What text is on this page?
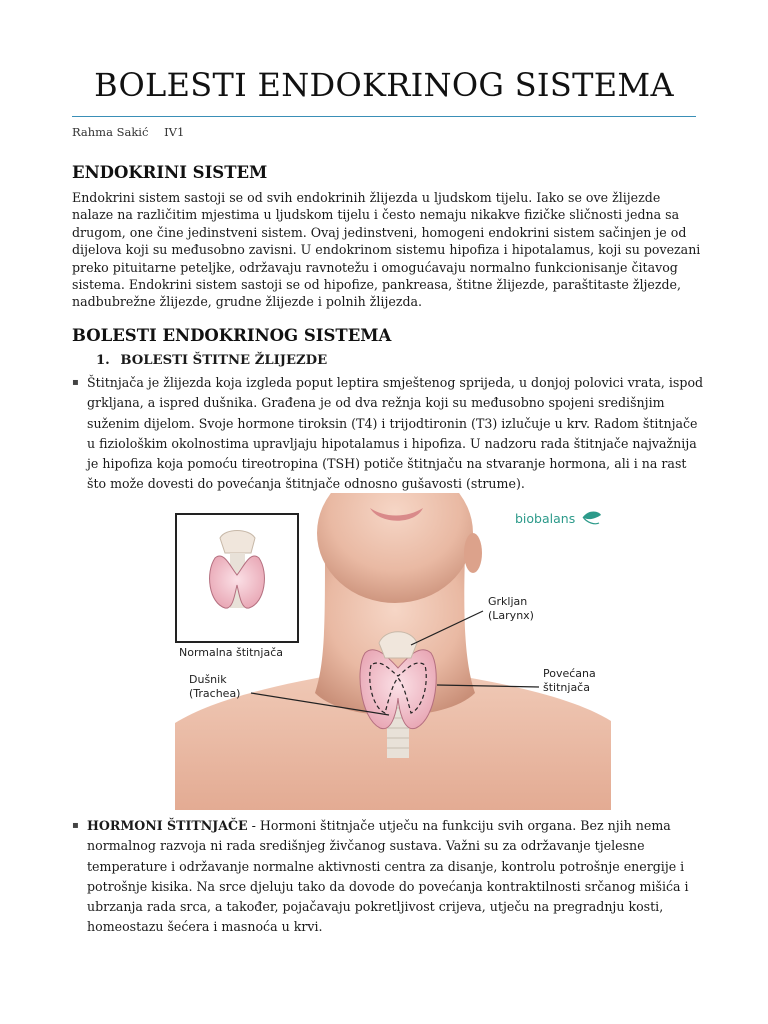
BOLESTI ENDOKRINOG SISTEMA
Rahma Sakić IV1
ENDOKRINI SISTEM

Endokrini sistem sastoji se od svih endokrinih žlijezda u ljudskom tijelu. Iako se ove žlijezde nalaze na različitim mjestima u ljudskom tijelu i često nemaju nikakve fizičke sličnosti jedna sa drugom, one čine jedinstveni sistem. Ovaj jedinstveni, homogeni endokrini sistem sačinjen je od dijelova koji su međusobno zavisni. U endokrinom sistemu hipofiza i hipotalamus, koji su povezani preko pituitarne peteljke, održavaju ravnotežu i omogućavaju normalno funkcionisanje čitavog sistema. Endokrini sistem sastoji se od hipofize, pankreasa, štitne žlijezde, paraštitaste žljezde, nadbubrežne žlijezde, grudne žlijezde i polnih žlijezda.

BOLESTI ENDOKRINOG SISTEMA
1. BOLESTI ŠTITNE ŽLIJEZDE
▪ Štitnjača je žlijezda koja izgleda poput leptira smještenog sprijeda, u donjoj polovici vrata, ispod grkljana, a ispred dušnika. Građena je od dva režnja koji su međusobno spojeni središnjim suženim dijelom. Svoje hormone tiroksin (T4) i trijodtironin (T3) izlučuje u krv. Radom štitnjače u fiziološkim okolnostima upravljaju hipotalamus i hipofiza. U nadzoru rada štitnjače najvažnija je hipofiza koja pomoću tireotropina (TSH) potiče štitnjaču na stvaranje hormona, ali i na rast što može dovesti do povećanja štitnjače odnosno gušavosti (strume).
Normalna štitnjača
Dušnik
(Trachea)
Grkljan
(Larynx)
Povećana
štitnjača
biobalans
▪ HORMONI ŠTITNJAČE - Hormoni štitnjače utječu na funkciju svih organa. Bez njih nema normalnog razvoja ni rada središnjeg živčanog sustava. Važni su za održavanje tjelesne temperature i održavanje normalne aktivnosti centra za disanje, kontrolu potrošnje energije i potrošnje kisika. Na srce djeluju tako da dovode do povećanja kontraktilnosti srčanog mišića i ubrzanja rada srca, a također, pojačavaju pokretljivost crijeva, utječu na pregradnju kosti, homeostazu šećera i masnoća u krvi.
